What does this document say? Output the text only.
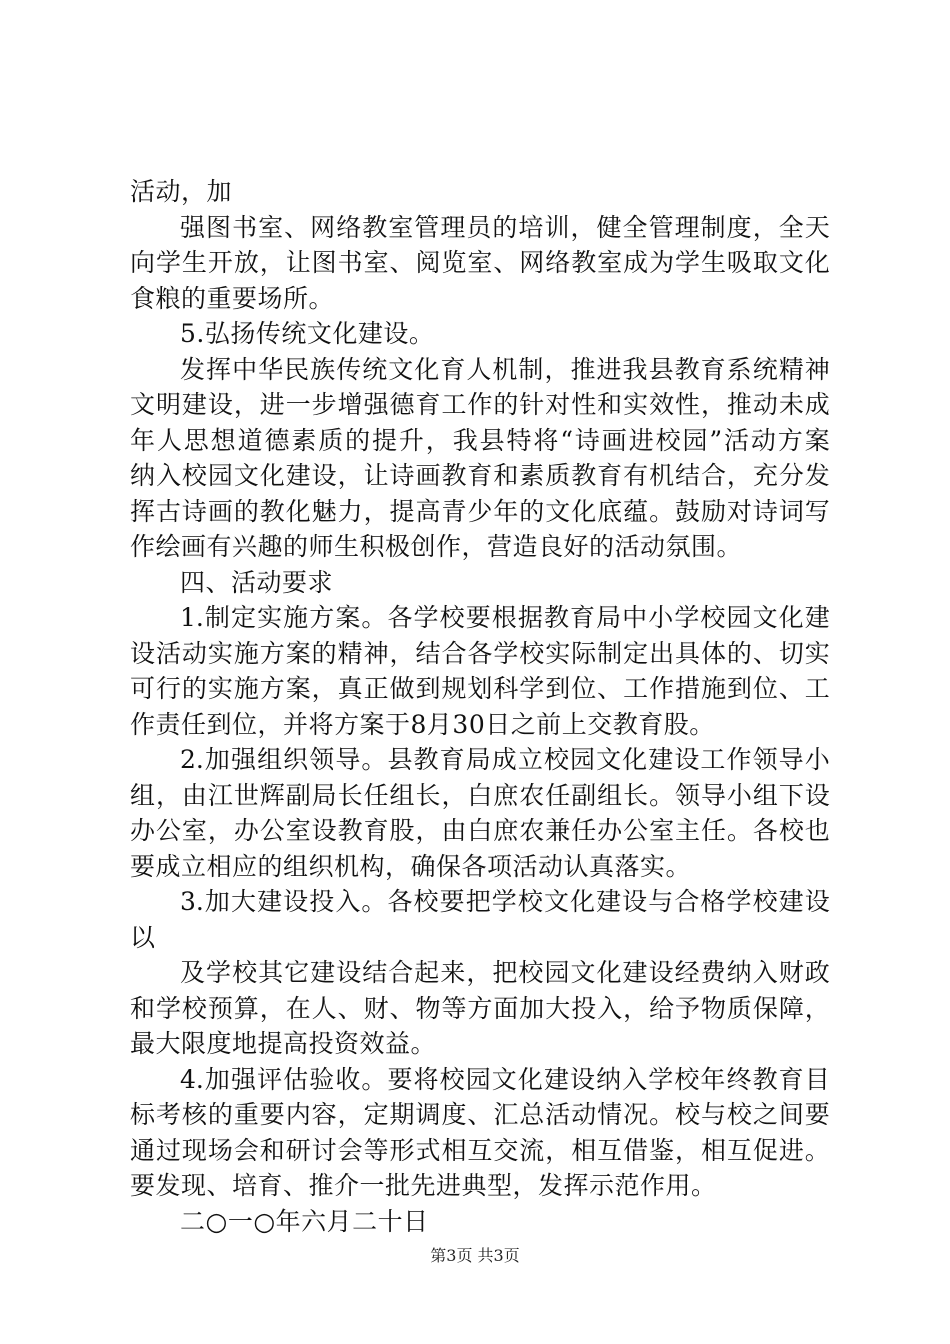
活动，加
强 图 书 室 、 网 络 教 室 管 理 员 的 培 训 ， 健 全 管 理 制 度 ， 全 天
向 学 生 开 放 ， 让 图 书 室 、 阅 览 室 、 网 络 教 室 成 为 学 生 吸 取 文 化
食粮的重要场所。
5.弘扬传统文化建设。
发 挥 中 华 民 族 传 统 文 化 育 人 机 制 ， 推 进 我 县 教 育 系 统 精 神
文 明 建 设 ， 进 一 步 增 强 德 育 工 作 的 针 对 性 和 实 效 性 ， 推 动 未 成
年 人 思 想 道 德 素 质 的 提 升 ， 我 县 特 将 “ 诗 画 进 校 园 ” 活 动 方 案
纳 入 校 园 文 化 建 设 ， 让 诗 画 教 育 和 素 质 教 育 有 机 结 合 ， 充 分 发
挥 古 诗 画 的 教 化 魅 力 ， 提 高 青 少 年 的 文 化 底 蕴 。 鼓 励 对 诗 词 写
作绘画有兴趣的师生积极创作，营造良好的活动氛围。
四、活动要求
1. 制 定 实 施 方 案 。 各 学 校 要 根 据 教 育 局 中 小 学 校 园 文 化 建
设 活 动 实 施 方 案 的 精 神 ， 结 合 各 学 校 实 际 制 定 出 具 体 的 、 切 实
可 行 的 实 施 方 案 ， 真 正 做 到 规 划 科 学 到 位 、 工 作 措 施 到 位 、 工
作责任到位，并将方案于8月30日之前上交教育股。
2. 加 强 组 织 领 导 。 县 教 育 局 成 立 校 园 文 化 建 设 工 作 领 导 小
组 ， 由 江 世 辉 副 局 长 任 组 长 ， 白 庶 农 任 副 组 长 。 领 导 小 组 下 设
办 公 室 ， 办 公 室 设 教 育 股 ， 由 白 庶 农 兼 任 办 公 室 主 任 。 各 校 也
要成立相应的组织机构，确保各项活动认真落实。
3. 加 大 建 设 投 入 。 各 校 要 把 学 校 文 化 建 设 与 合 格 学 校 建 设
以
及 学 校 其 它 建 设 结 合 起 来 ， 把 校 园 文 化 建 设 经 费 纳 入 财 政
和 学 校 预 算 ， 在 人 、 财 、 物 等 方 面 加 大 投 入 ， 给 予 物 质 保 障 ，
最大限度地提高投资效益。
4. 加 强 评 估 验 收 。 要 将 校 园 文 化 建 设 纳 入 学 校 年 终 教 育 目
标 考 核 的 重 要 内 容 ， 定 期 调 度 、 汇 总 活 动 情 况 。 校 与 校 之 间 要
通 过 现 场 会 和 研 讨 会 等 形 式 相 互 交 流 ， 相 互 借 鉴 ， 相 互 促 进 。
要发现、培育、推介一批先进典型，发挥示范作用。
二○一○年六月二十日
第3页 共3页
